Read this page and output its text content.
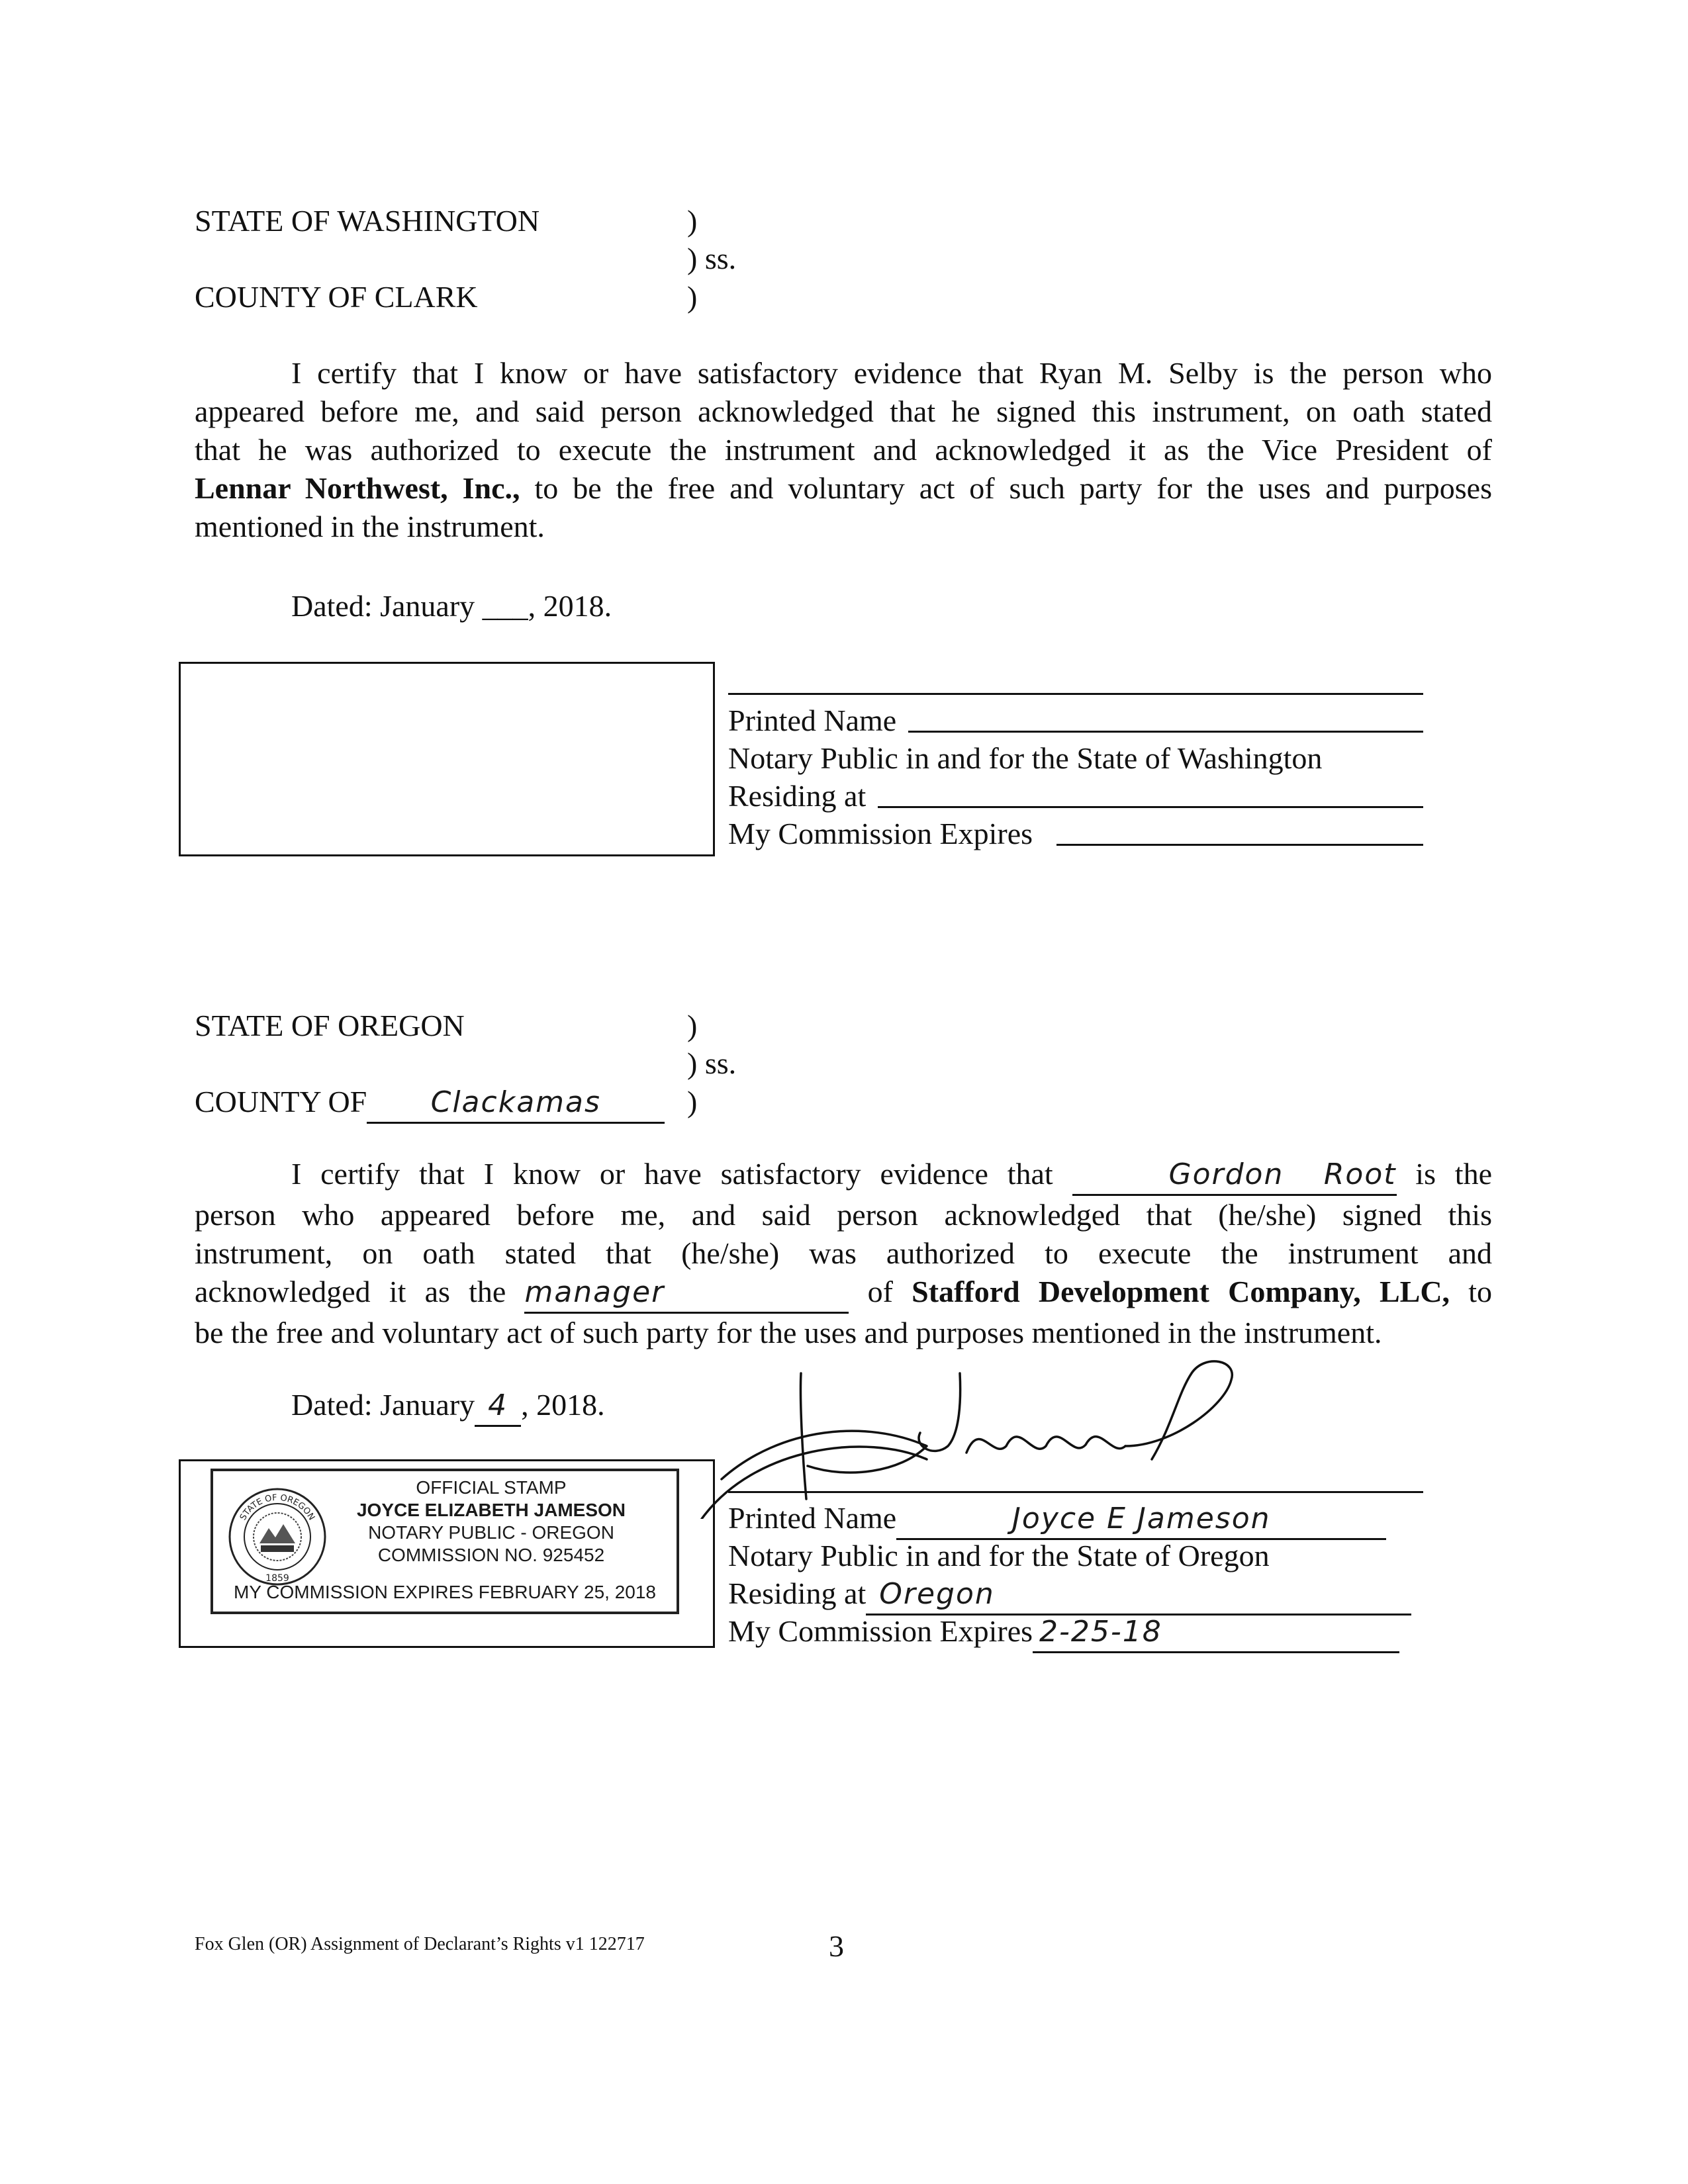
STATE OF WASHINGTON	)
) ss.
COUNTY OF CLARK	)
I certify that I know or have satisfactory evidence that Ryan M. Selby is the person who
appeared before me, and said person acknowledged that he signed this instrument, on oath stated
that he was authorized to execute the instrument and acknowledged it as the Vice President of
Lennar Northwest, Inc., to be the free and voluntary act of such party for the uses and purposes
mentioned in the instrument.
Dated: January ___, 2018.
Printed Name
Notary Public in and for the State of Washington
Residing at
My Commission Expires
STATE OF OREGON	)
) ss.
COUNTY OF Clackamas	)
I certify that I know or have satisfactory evidence that	Gordon Root is the
person who appeared before me, and said person acknowledged that (he/she) signed this
instrument, on oath stated that (he/she) was authorized to execute the instrument and
acknowledged it as the manager	of Stafford Development Company, LLC, to
be the free and voluntary act of such party for the uses and purposes mentioned in the instrument.
Dated: January 4 , 2018.
STATE OF OREGON
1859
OFFICIAL STAMP
JOYCE ELIZABETH JAMESON
NOTARY PUBLIC - OREGON
COMMISSION NO. 925452
MY COMMISSION EXPIRES FEBRUARY 25, 2018
Printed Name	Joyce E Jameson
Notary Public in and for the State of Oregon
Residing at Oregon
My Commission Expires 2-25-18
Fox Glen (OR) Assignment of Declarant’s Rights v1 122717	3
